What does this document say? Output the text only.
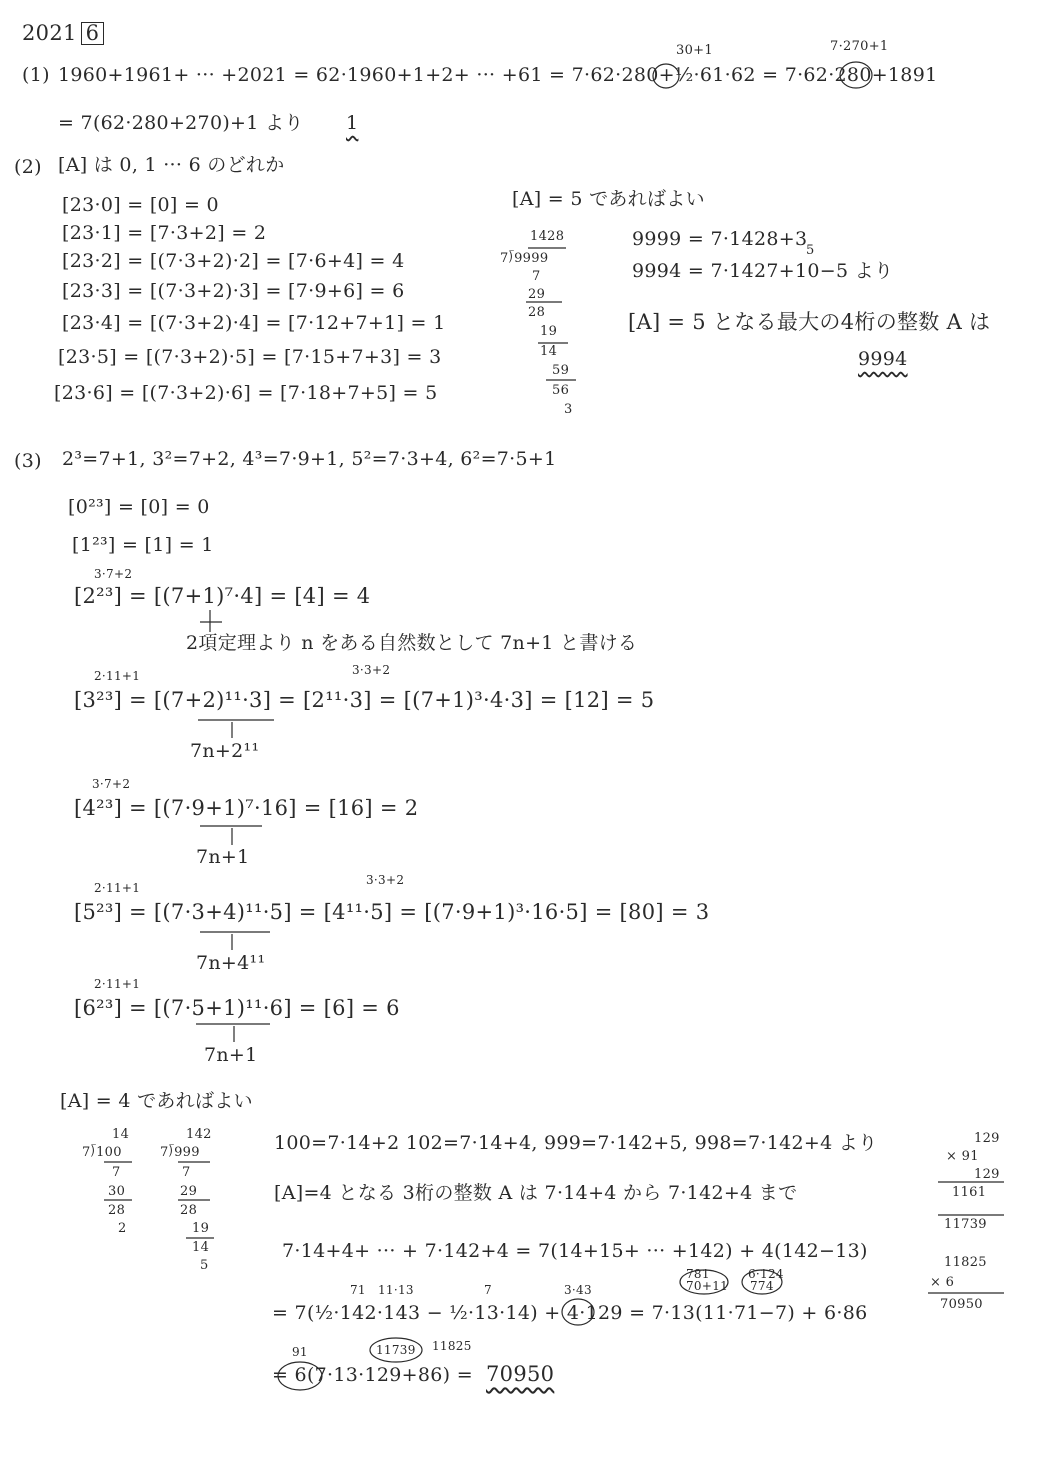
2021 6
30+1	7·270+1
(1) 1960+1961+ ··· +2021 = 62·1960+1+2+ ··· +61 = 7·62·280+½·61·62 = 7·62·280+1891
= 7(62·280+270)+1 より 1
(2) [A] は 0, 1 ··· 6 のどれか
[23·0] = [0] = 0
[23·1] = [7·3+2] = 2
[23·2] = [(7·3+2)·2] = [7·6+4] = 4
[23·3] = [(7·3+2)·3] = [7·9+6] = 6
[23·4] = [(7·3+2)·4] = [7·12+7+1] = 1
[23·5] = [(7·3+2)·5] = [7·15+7+3] = 3
[23·6] = [(7·3+2)·6] = [7·18+7+5] = 5
[A] = 5 であればよい
1428
7⟌9999
7
29
28
19
14
59
56
3
9999 = 7·1428+3
5
9994 = 7·1427+10−5 より
[A] = 5 となる最大の4桁の整数 A は
9994
(3) 2³=7+1, 3²=7+2, 4³=7·9+1, 5²=7·3+4, 6²=7·5+1
[0²³] = [0] = 0
[1²³] = [1] = 1
3·7+2
[2²³] = [(7+1)⁷·4] = [4] = 4
2項定理より n をある自然数として 7n+1 と書ける
2·11+1	3·3+2
[3²³] = [(7+2)¹¹·3] = [2¹¹·3] = [(7+1)³·4·3] = [12] = 5
7n+2¹¹
3·7+2
[4²³] = [(7·9+1)⁷·16] = [16] = 2
7n+1
2·11+1
3·3+2
[5²³] = [(7·3+4)¹¹·5] = [4¹¹·5] = [(7·9+1)³·16·5] = [80] = 3
7n+4¹¹
2·11+1
[6²³] = [(7·5+1)¹¹·6] = [6] = 6
7n+1
[A] = 4 であればよい
14
7⟌100
7
30
28
2
142
7⟌999
7
29
28
19
14
5
100=7·14+2 102=7·14+4, 999=7·142+5, 998=7·142+4 より
[A]=4 となる 3桁の整数 A は 7·14+4 から 7·142+4 まで
7·14+4+ ··· + 7·142+4 = 7(14+15+ ··· +142) + 4(142−13)
71 11·13	7	3·43
781
70+11
6·124
774
= 7(½·142·143 − ½·13·14) + 4·129 = 7·13(11·71−7) + 6·86
91	11739 11825
= 6(7·13·129+86) = 70950
129
× 91
129
1161
11739
11825
× 6
70950
